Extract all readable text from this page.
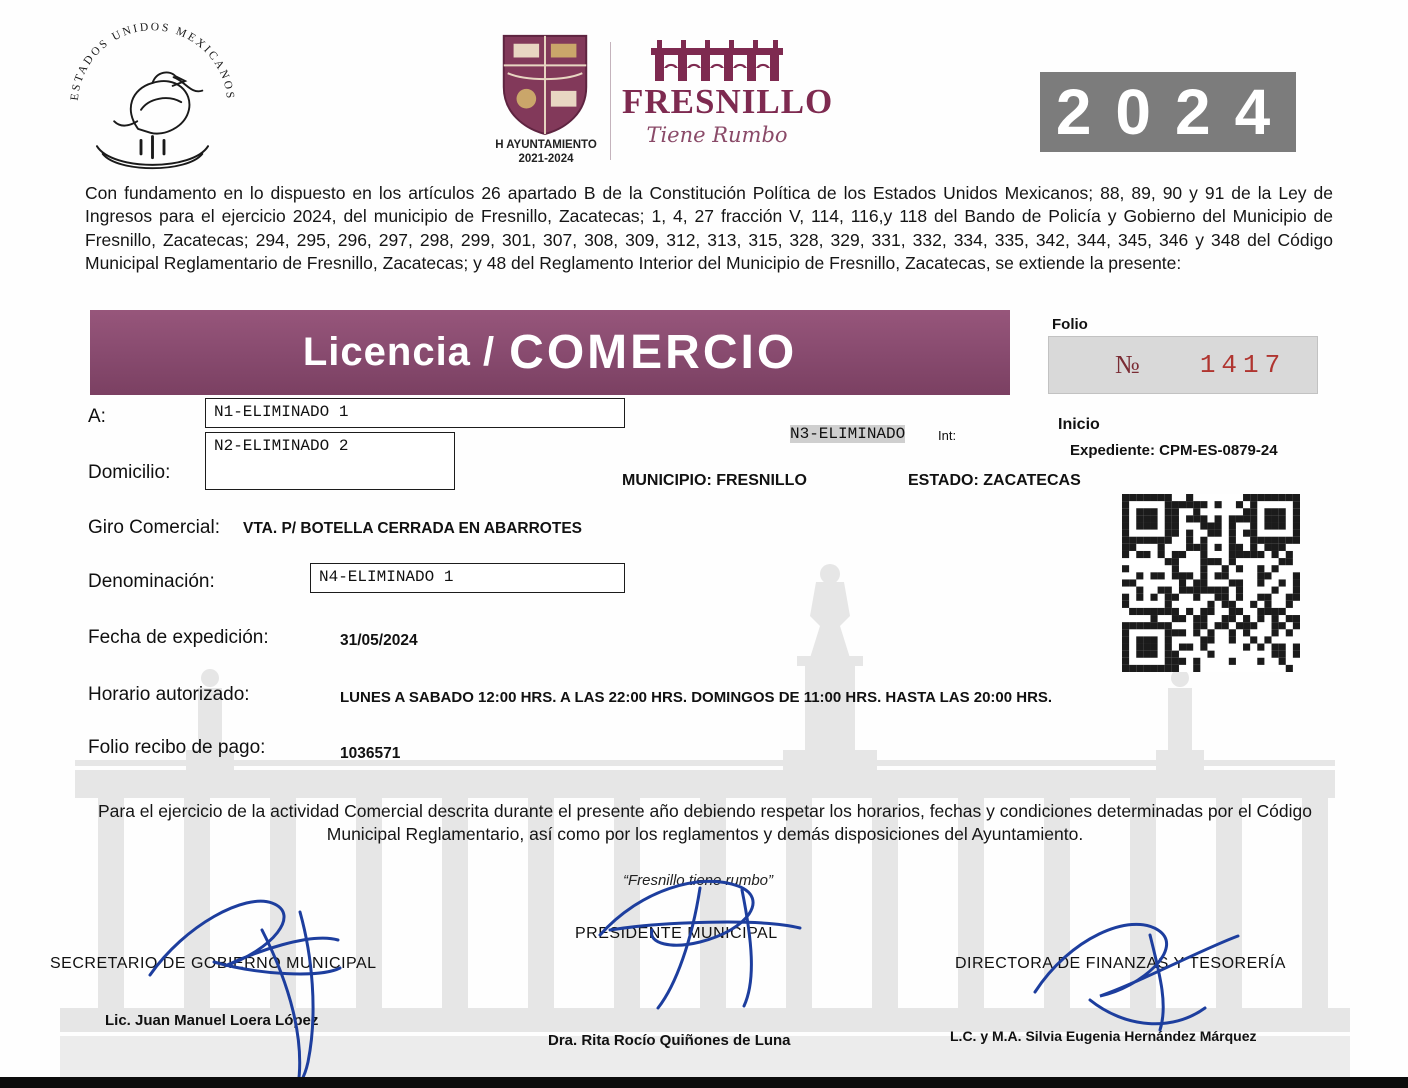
ESTADOS UNIDOS MEXICANOS
H AYUNTAMIENTO
2021-2024
FRESNILLO
Tiene Rumbo	2024
Con fundamento en lo dispuesto en los artículos 26 apartado B de la Constitución Política de los Estados Unidos Mexicanos; 88, 89, 90 y 91 de la Ley de Ingresos para el ejercicio 2024, del municipio de Fresnillo, Zacatecas; 1, 4, 27 fracción V, 114, 116,y 118 del Bando de Policía y Gobierno del Municipio de Fresnillo, Zacatecas; 294, 295, 296, 297, 298, 299, 301, 307, 308, 309, 312, 313, 315, 328, 329, 331, 332, 334, 335, 342, 344, 345, 346 y 348 del Código Municipal Reglamentario de Fresnillo, Zacatecas; y 48 del Reglamento Interior del Municipio de Fresnillo, Zacatecas, se extiende la presente:
Licencia / COMERCIO
Folio
№ 1417
A:	N1-ELIMINADO 1
Domicilio:
N2-ELIMINADO 2
N3-ELIMINADO	Int:
Inicio
Expediente: CPM-ES-0879-24
MUNICIPIO: FRESNILLO	ESTADO: ZACATECAS
Giro Comercial: VTA. P/ BOTELLA CERRADA EN ABARROTES
Denominación:	N4-ELIMINADO 1
Fecha de expedición:	31/05/2024
Horario autorizado:	LUNES A SABADO 12:00 HRS. A LAS 22:00 HRS. DOMINGOS DE 11:00 HRS. HASTA LAS 20:00 HRS.
Folio recibo de pago:	1036571
Para el ejercicio de la actividad Comercial descrita durante el presente año debiendo respetar los horarios, fechas y condiciones determinadas por el Código Municipal Reglamentario, así como por los reglamentos y demás disposiciones del Ayuntamiento.
“Fresnillo tiene rumbo”
PRESIDENTE MUNICIPAL
SECRETARIO DE GOBIERNO MUNICIPAL	DIRECTORA DE FINANZAS Y TESORERÍA
Lic. Juan Manuel Loera López
Dra. Rita Rocío Quiñones de Luna	L.C. y M.A. Silvia Eugenia Hernández Márquez
